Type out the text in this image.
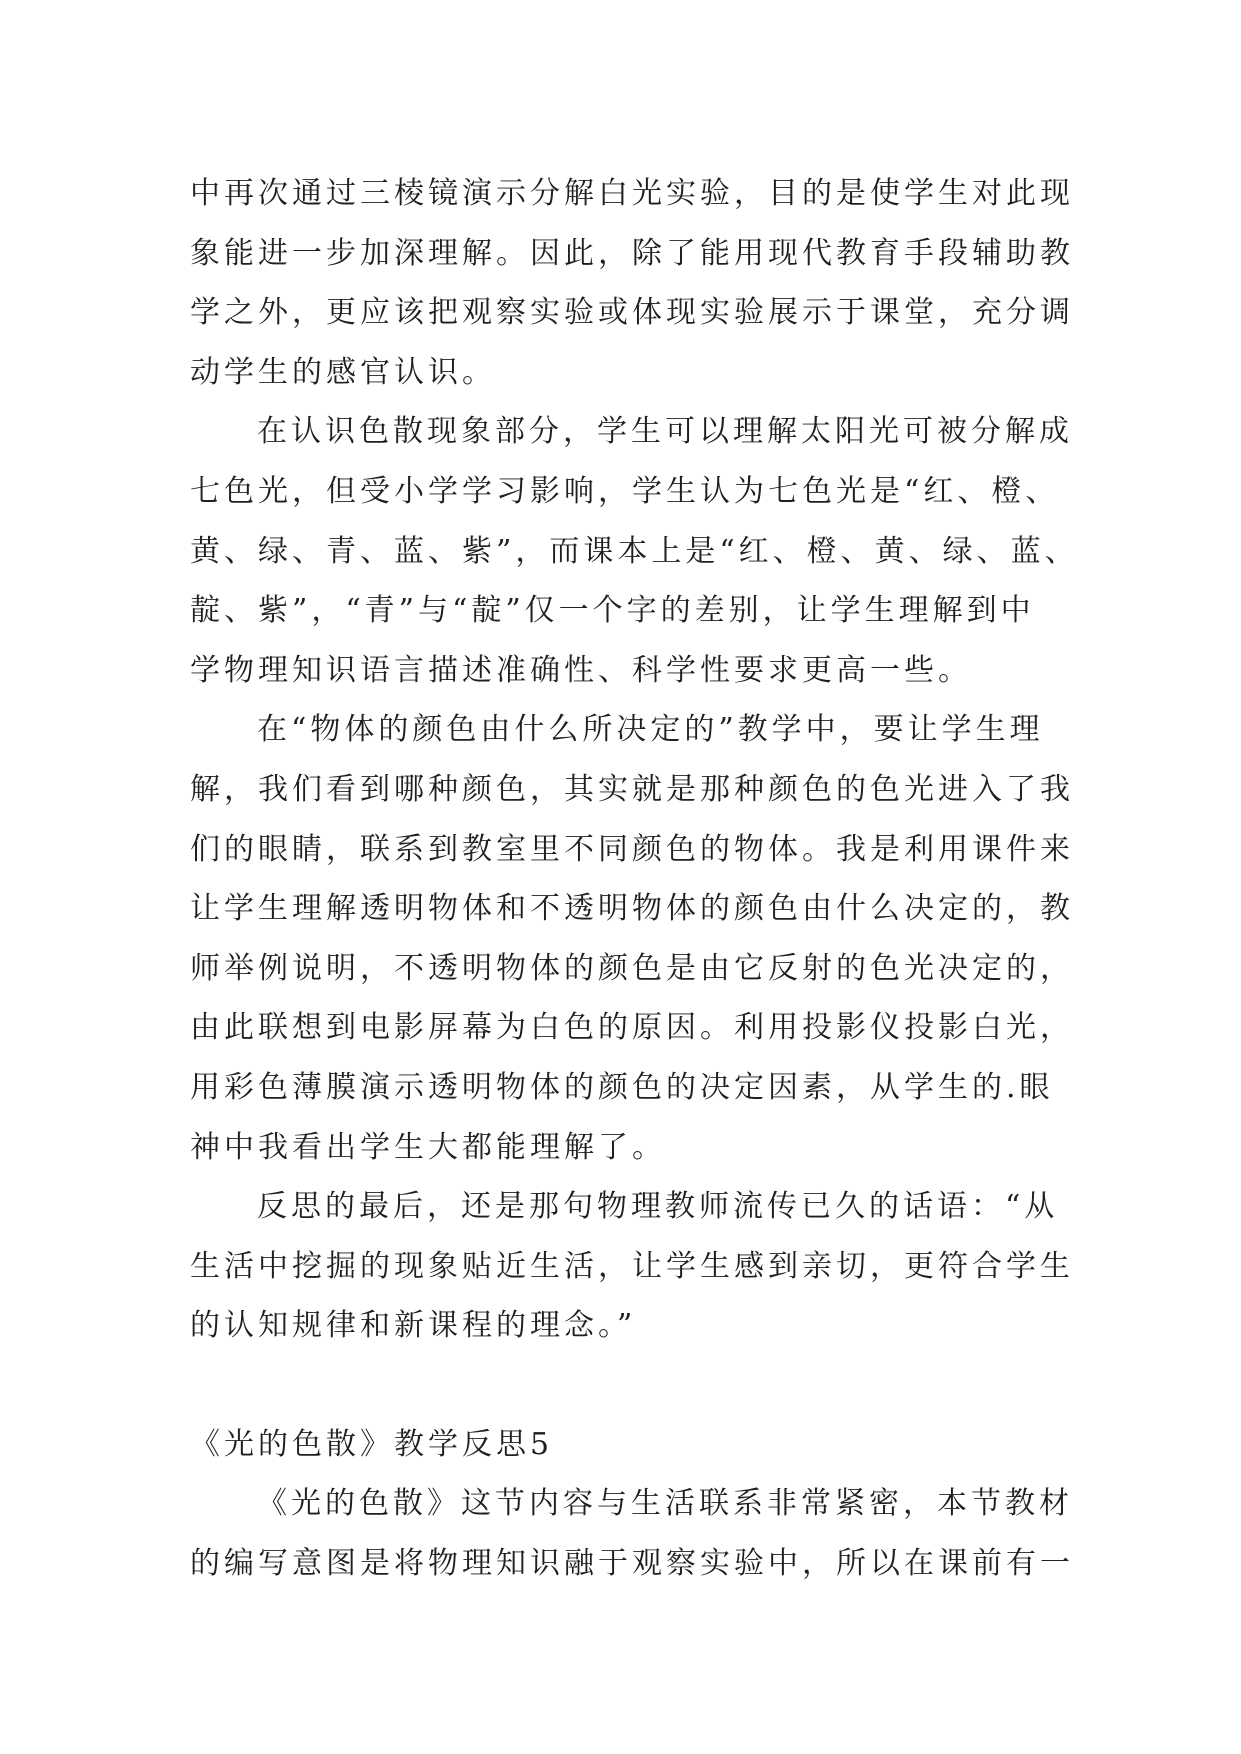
中再次通过三棱镜演示分解白光实验，目的是使学生对此现
象能进一步加深理解。因此，除了能用现代教育手段辅助教
学之外，更应该把观察实验或体现实验展示于课堂，充分调
动学生的感官认识。
在认识色散现象部分，学生可以理解太阳光可被分解成
七色光，但受小学学习影响，学生认为七色光是“红、橙、
黄、绿、青、蓝、紫”，而课本上是“红、橙、黄、绿、蓝、
靛、紫”，“青”与“靛”仅一个字的差别，让学生理解到中
学物理知识语言描述准确性、科学性要求更高一些。
在“物体的颜色由什么所决定的”教学中，要让学生理
解，我们看到哪种颜色，其实就是那种颜色的色光进入了我
们的眼睛，联系到教室里不同颜色的物体。我是利用课件来
让学生理解透明物体和不透明物体的颜色由什么决定的，教
师举例说明，不透明物体的颜色是由它反射的色光决定的，
由此联想到电影屏幕为白色的原因。利用投影仪投影白光，
用彩色薄膜演示透明物体的颜色的决定因素，从学生的.眼
神中我看出学生大都能理解了。
反思的最后，还是那句物理教师流传已久的话语：“从
生活中挖掘的现象贴近生活，让学生感到亲切，更符合学生
的认知规律和新课程的理念。”
《光的色散》教学反思5
《光的色散》这节内容与生活联系非常紧密，本节教材
的编写意图是将物理知识融于观察实验中，所以在课前有一
